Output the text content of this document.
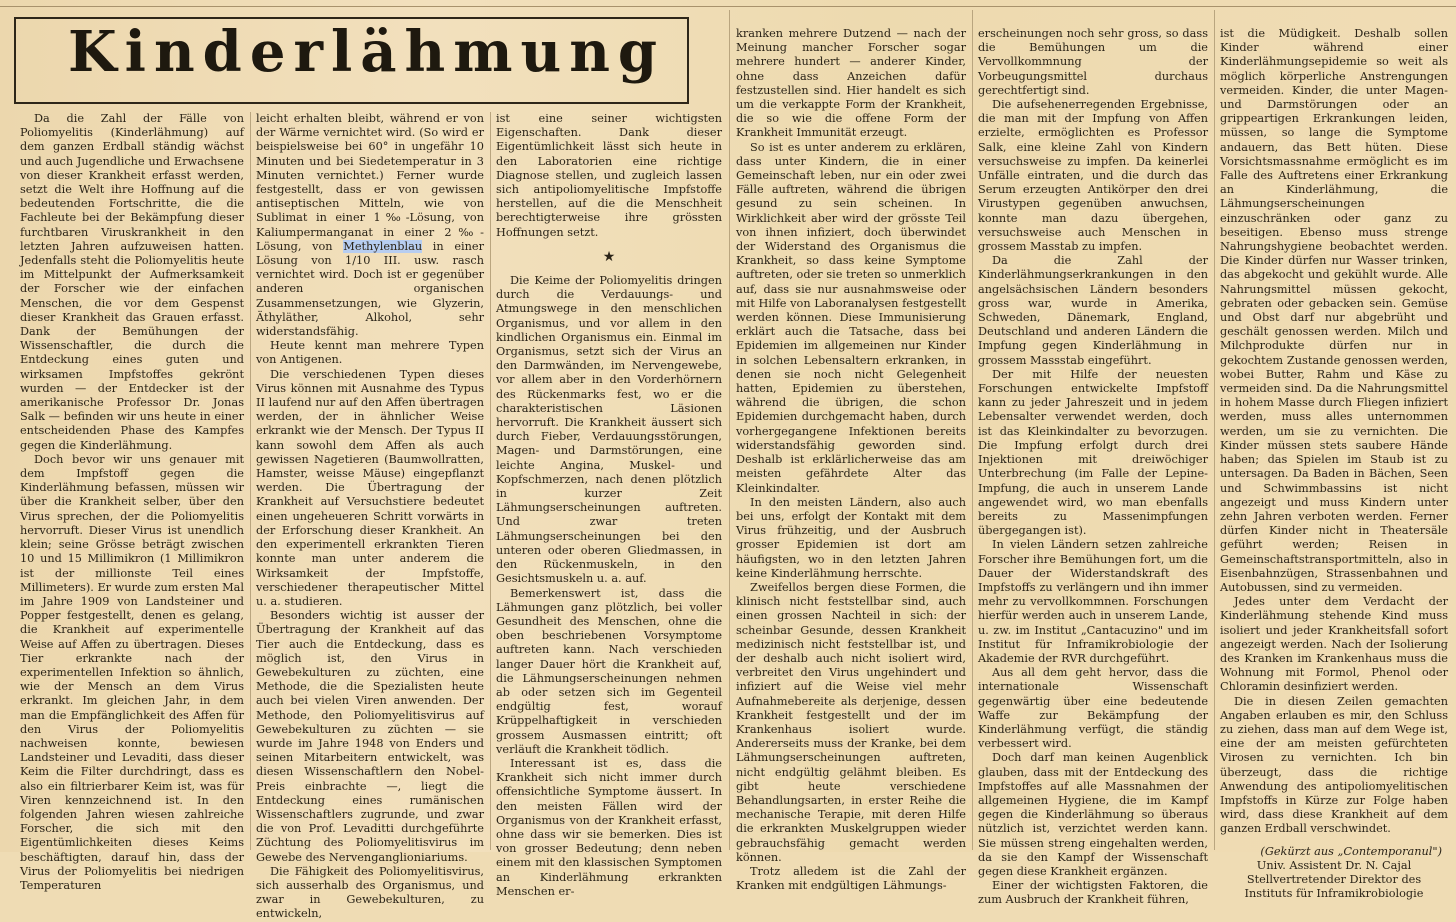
Kinderlähmung

Da die Zahl der Fälle von Poliomyelitis (Kinderlähmung) auf dem ganzen Erdball ständig wächst und auch Jugendliche und Erwachsene von dieser Krankheit erfasst werden, setzt die Welt ihre Hoffnung auf die bedeutenden Fortschritte, die die Fachleute bei der Bekämpfung dieser furchtbaren Viruskrankheit in den letzten Jahren aufzuweisen hatten. Jedenfalls steht die Poliomyelitis heute im Mittelpunkt der Aufmerksamkeit der Forscher wie der einfachen Menschen, die vor dem Gespenst dieser Krankheit das Grauen erfasst. Dank der Bemühungen der Wissenschaftler, die durch die Entdeckung eines guten und wirksamen Impfstoffes gekrönt wurden — der Entdecker ist der amerikanische Professor Dr. Jonas Salk — befinden wir uns heute in einer entscheidenden Phase des Kampfes gegen die Kinderlähmung.

Doch bevor wir uns genauer mit dem Impfstoff gegen die Kinderlähmung befassen, müssen wir über die Krankheit selber, über den Virus sprechen, der die Poliomyelitis hervorruft. Dieser Virus ist unendlich klein; seine Grösse beträgt zwischen 10 und 15 Millimikron (1 Millimikron ist der millionste Teil eines Millimeters). Er wurde zum ersten Mal im Jahre 1909 von Landsteiner und Popper festgestellt, denen es gelang, die Krankheit auf experimentelle Weise auf Affen zu übertragen. Dieses Tier erkrankte nach der experimentellen Infektion so ähnlich, wie der Mensch an dem Virus erkrankt. Im gleichen Jahr, in dem man die Empfänglichkeit des Affen für den Virus der Poliomyelitis nachweisen konnte, bewiesen Landsteiner und Levaditi, dass dieser Keim die Filter durchdringt, dass es also ein filtrierbarer Keim ist, was für Viren kennzeichnend ist. In den folgenden Jahren wiesen zahlreiche Forscher, die sich mit den Eigentümlichkeiten dieses Keims beschäftigten, darauf hin, dass der Virus der Poliomyelitis bei niedrigen Temperaturen

leicht erhalten bleibt, während er von der Wärme vernichtet wird. (So wird er beispielsweise bei 60° in ungefähr 10 Minuten und bei Siedetemperatur in 3 Minuten vernichtet.) Ferner wurde festgestellt, dass er von gewissen antiseptischen Mitteln, wie von Sublimat in einer 1‰-Lösung, von Kaliumpermanganat in einer 2‰-Lösung, von Methylenblau in einer Lösung von 1/10 III. usw. rasch vernichtet wird. Doch ist er gegenüber anderen organischen Zusammensetzungen, wie Glyzerin, Äthyläther, Alkohol, sehr widerstandsfähig.

Heute kennt man mehrere Typen von Antigenen.

Die verschiedenen Typen dieses Virus können mit Ausnahme des Typus II laufend nur auf den Affen übertragen werden, der in ähnlicher Weise erkrankt wie der Mensch. Der Typus II kann sowohl dem Affen als auch gewissen Nagetieren (Baumwollratten, Hamster, weisse Mäuse) eingepflanzt werden. Die Übertragung der Krankheit auf Versuchstiere bedeutet einen ungeheueren Schritt vorwärts in der Erforschung dieser Krankheit. An den experimentell erkrankten Tieren konnte man unter anderem die Wirksamkeit der Impfstoffe, verschiedener therapeutischer Mittel u. a. studieren.

Besonders wichtig ist ausser der Übertragung der Krankheit auf das Tier auch die Entdeckung, dass es möglich ist, den Virus in Gewebekulturen zu züchten, eine Methode, die die Spezialisten heute auch bei vielen Viren anwenden. Der Methode, den Poliomyelitisvirus auf Gewebekulturen zu züchten — sie wurde im Jahre 1948 von Enders und seinen Mitarbeitern entwickelt, was diesen Wissenschaftlern den Nobel-Preis einbrachte —, liegt die Entdeckung eines rumänischen Wissenschaftlers zugrunde, und zwar die von Prof. Levaditti durchgeführte Züchtung des Poliomyelitisvirus im Gewebe des Nervenganglioniariums.

Die Fähigkeit des Poliomyelitisvirus, sich ausserhalb des Organismus, und zwar in Gewebekulturen, zu entwickeln,

ist eine seiner wichtigsten Eigenschaften. Dank dieser Eigentümlichkeit lässt sich heute in den Laboratorien eine richtige Diagnose stellen, und zugleich lassen sich antipoliomyelitische Impfstoffe herstellen, auf die die Menschheit berechtigterweise ihre grössten Hoffnungen setzt.

★

Die Keime der Poliomyelitis dringen durch die Verdauungs- und Atmungswege in den menschlichen Organismus, und vor allem in den kindlichen Organismus ein. Einmal im Organismus, setzt sich der Virus an den Darmwänden, im Nervengewebe, vor allem aber in den Vorderhörnern des Rückenmarks fest, wo er die charakteristischen Läsionen hervorruft. Die Krankheit äussert sich durch Fieber, Verdauungsstörungen, Magen- und Darmstörungen, eine leichte Angina, Muskel- und Kopfschmerzen, nach denen plötzlich in kurzer Zeit Lähmungserscheinungen auftreten. Und zwar treten Lähmungserscheinungen bei den unteren oder oberen Gliedmassen, in den Rückenmuskeln, in den Gesichtsmuskeln u. a. auf.

Bemerkenswert ist, dass die Lähmungen ganz plötzlich, bei voller Gesundheit des Menschen, ohne die oben beschriebenen Vorsymptome auftreten kann. Nach verschieden langer Dauer hört die Krankheit auf, die Lähmungserscheinungen nehmen ab oder setzen sich im Gegenteil endgültig fest, worauf Krüppelhaftigkeit in verschieden grossem Ausmassen eintritt; oft verläuft die Krankheit tödlich.

Interessant ist es, dass die Krankheit sich nicht immer durch offensichtliche Symptome äussert. In den meisten Fällen wird der Organismus von der Krankheit erfasst, ohne dass wir sie bemerken. Dies ist von grosser Bedeutung; denn neben einem mit den klassischen Symptomen an Kinderlähmung erkrankten Menschen er-

kranken mehrere Dutzend — nach der Meinung mancher Forscher sogar mehrere hundert — anderer Kinder, ohne dass Anzeichen dafür festzustellen sind. Hier handelt es sich um die verkappte Form der Krankheit, die so wie die offene Form der Krankheit Immunität erzeugt.

So ist es unter anderem zu erklären, dass unter Kindern, die in einer Gemeinschaft leben, nur ein oder zwei Fälle auftreten, während die übrigen gesund zu sein scheinen. In Wirklichkeit aber wird der grösste Teil von ihnen infiziert, doch überwindet der Widerstand des Organismus die Krankheit, so dass keine Symptome auftreten, oder sie treten so unmerklich auf, dass sie nur ausnahmsweise oder mit Hilfe von Laboranalysen festgestellt werden können. Diese Immunisierung erklärt auch die Tatsache, dass bei Epidemien im allgemeinen nur Kinder in solchen Lebensaltern erkranken, in denen sie noch nicht Gelegenheit hatten, Epidemien zu überstehen, während die übrigen, die schon Epidemien durchgemacht haben, durch vorhergegangene Infektionen bereits widerstandsfähig geworden sind. Deshalb ist erklärlicherweise das am meisten gefährdete Alter das Kleinkindalter.

In den meisten Ländern, also auch bei uns, erfolgt der Kontakt mit dem Virus frühzeitig, und der Ausbruch grosser Epidemien ist dort am häufigsten, wo in den letzten Jahren keine Kinderlähmung herrschte.

Zweifellos bergen diese Formen, die klinisch nicht feststellbar sind, auch einen grossen Nachteil in sich: der scheinbar Gesunde, dessen Krankheit medizinisch nicht feststellbar ist, und der deshalb auch nicht isoliert wird, verbreitet den Virus ungehindert und infiziert auf die Weise viel mehr Aufnahmebereite als derjenige, dessen Krankheit festgestellt und der im Krankenhaus isoliert wurde. Andererseits muss der Kranke, bei dem Lähmungserscheinungen auftreten, nicht endgültig gelähmt bleiben. Es gibt heute verschiedene Behandlungsarten, in erster Reihe die mechanische Terapie, mit deren Hilfe die erkrankten Muskelgruppen wieder gebrauchsfähig gemacht werden können.

Trotz alledem ist die Zahl der Kranken mit endgültigen Lähmungs-

erscheinungen noch sehr gross, so dass die Bemühungen um die Vervollkommnung der Vorbeugungsmittel durchaus gerechtfertigt sind.

Die aufsehenerregenden Ergebnisse, die man mit der Impfung von Affen erzielte, ermöglichten es Professor Salk, eine kleine Zahl von Kindern versuchsweise zu impfen. Da keinerlei Unfälle eintraten, und die durch das Serum erzeugten Antikörper den drei Virustypen gegenüben anwuchsen, konnte man dazu übergehen, versuchsweise auch Menschen in grossem Masstab zu impfen.

Da die Zahl der Kinderlähmungserkrankungen in den angelsächsischen Ländern besonders gross war, wurde in Amerika, Schweden, Dänemark, England, Deutschland und anderen Ländern die Impfung gegen Kinderlähmung in grossem Massstab eingeführt.

Der mit Hilfe der neuesten Forschungen entwickelte Impfstoff kann zu jeder Jahreszeit und in jedem Lebensalter verwendet werden, doch ist das Kleinkindalter zu bevorzugen. Die Impfung erfolgt durch drei Injektionen mit dreiwöchiger Unterbrechung (im Falle der Lepine-Impfung, die auch in unserem Lande angewendet wird, wo man ebenfalls bereits zu Massenimpfungen übergegangen ist).

In vielen Ländern setzen zahlreiche Forscher ihre Bemühungen fort, um die Dauer der Widerstandskraft des Impfstoffs zu verlängern und ihn immer mehr zu vervollkommnen. Forschungen hierfür werden auch in unserem Lande, u. zw. im Institut „Cantacuzino" und im Institut für Inframikrobiologie der Akademie der RVR durchgeführt.

Aus all dem geht hervor, dass die internationale Wissenschaft gegenwärtig über eine bedeutende Waffe zur Bekämpfung der Kinderlähmung verfügt, die ständig verbessert wird.

Doch darf man keinen Augenblick glauben, dass mit der Entdeckung des Impfstoffes auf alle Massnahmen der allgemeinen Hygiene, die im Kampf gegen die Kinderlähmung so überaus nützlich ist, verzichtet werden kann. Sie müssen streng eingehalten werden, da sie den Kampf der Wissenschaft gegen diese Krankheit ergänzen.

Einer der wichtigsten Faktoren, die zum Ausbruch der Krankheit führen,

ist die Müdigkeit. Deshalb sollen Kinder während einer Kinderlähmungsepidemie so weit als möglich körperliche Anstrengungen vermeiden. Kinder, die unter Magen- und Darmstörungen oder an grippeartigen Erkrankungen leiden, müssen, so lange die Symptome andauern, das Bett hüten. Diese Vorsichtsmassnahme ermöglicht es im Falle des Auftretens einer Erkrankung an Kinderlähmung, die Lähmungserscheinungen einzuschränken oder ganz zu beseitigen. Ebenso muss strenge Nahrungshygiene beobachtet werden. Die Kinder dürfen nur Wasser trinken, das abgekocht und gekühlt wurde. Alle Nahrungsmittel müssen gekocht, gebraten oder gebacken sein. Gemüse und Obst darf nur abgebrüht und geschält genossen werden. Milch und Milchprodukte dürfen nur in gekochtem Zustande genossen werden, wobei Butter, Rahm und Käse zu vermeiden sind. Da die Nahrungsmittel in hohem Masse durch Fliegen infiziert werden, muss alles unternommen werden, um sie zu vernichten. Die Kinder müssen stets saubere Hände haben; das Spielen im Staub ist zu untersagen. Da Baden in Bächen, Seen und Schwimmbassins ist nicht angezeigt und muss Kindern unter zehn Jahren verboten werden. Ferner dürfen Kinder nicht in Theatersäle geführt werden; Reisen in Gemeinschaftstransportmitteln, also in Eisenbahnzügen, Strassenbahnen und Autobussen, sind zu vermeiden.

Jedes unter dem Verdacht der Kinderlähmung stehende Kind muss isoliert und jeder Krankheitsfall sofort angezeigt werden. Nach der Isolierung des Kranken im Krankenhaus muss die Wohnung mit Formol, Phenol oder Chloramin desinfiziert werden.

Die in diesen Zeilen gemachten Angaben erlauben es mir, den Schluss zu ziehen, dass man auf dem Wege ist, eine der am meisten gefürchteten Virosen zu vernichten. Ich bin überzeugt, dass die richtige Anwendung des antipoliomyelitischen Impfstoffs in Kürze zur Folge haben wird, dass diese Krankheit auf dem ganzen Erdball verschwindet.

(Gekürzt aus „Contemporanul")

Univ. Assistent Dr. N. Cajal

Stellvertretender Direktor des

Instituts für Inframikrobiologie
